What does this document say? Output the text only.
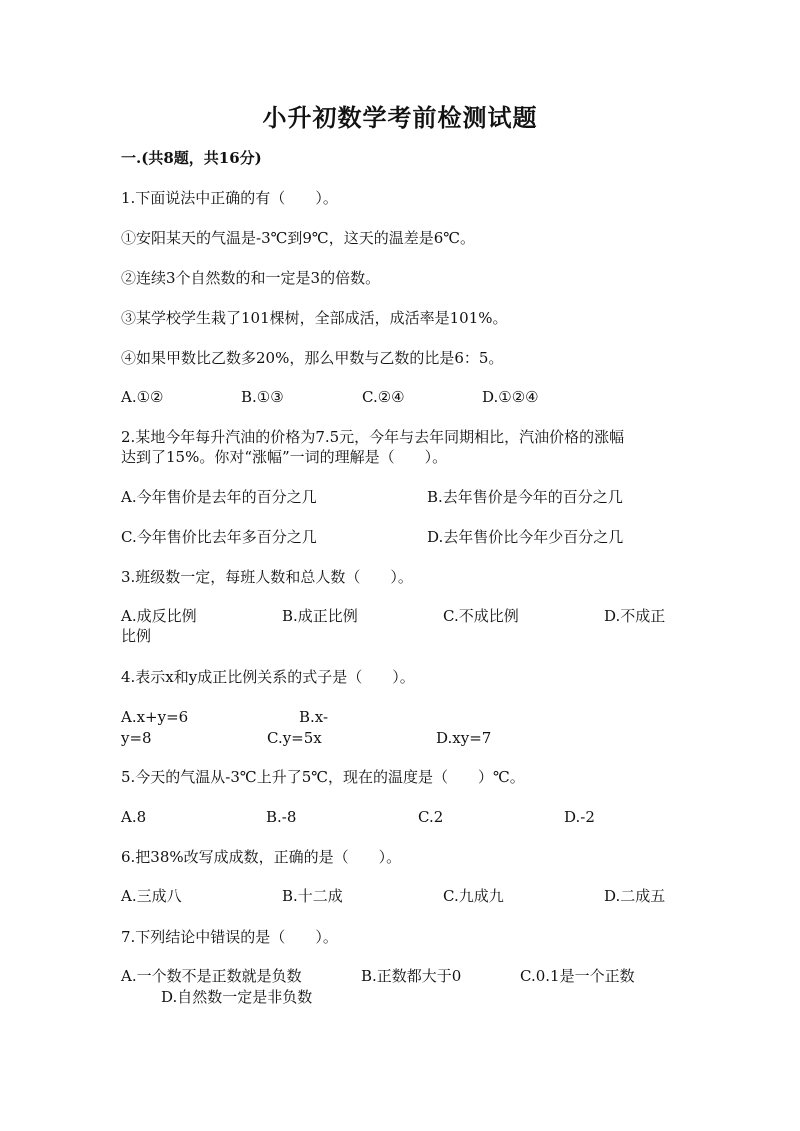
小升初数学考前检测试题
一.(共8题，共16分)
1.下面说法中正确的有（　　）。
①安阳某天的气温是-3℃到9℃，这天的温差是6℃。
②连续3个自然数的和一定是3的倍数。
③某学校学生栽了101棵树，全部成活，成活率是101%。
④如果甲数比乙数多20%，那么甲数与乙数的比是6：5。
A.①②	B.①③	C.②④	D.①②④
2.某地今年每升汽油的价格为7.5元，今年与去年同期相比，汽油价格的涨幅
达到了15%。你对“涨幅”一词的理解是（　　）。
A.今年售价是去年的百分之几	B.去年售价是今年的百分之几
C.今年售价比去年多百分之几	D.去年售价比今年少百分之几
3.班级数一定，每班人数和总人数（　　）。
A.成反比例	B.成正比例	C.不成比例	D.不成正
比例
4.表示x和y成正比例关系的式子是（　　）。
A.x+y=6	B.x-
y=8	C.y=5x	D.xy=7
5.今天的气温从-3℃上升了5℃，现在的温度是（　　）℃。
A.8	B.-8	C.2	D.-2
6.把38%改写成成数，正确的是（　　）。
A.三成八	B.十二成	C.九成九	D.二成五
7.下列结论中错误的是（　　）。
A.一个数不是正数就是负数	B.正数都大于0	C.0.1是一个正数
D.自然数一定是非负数
